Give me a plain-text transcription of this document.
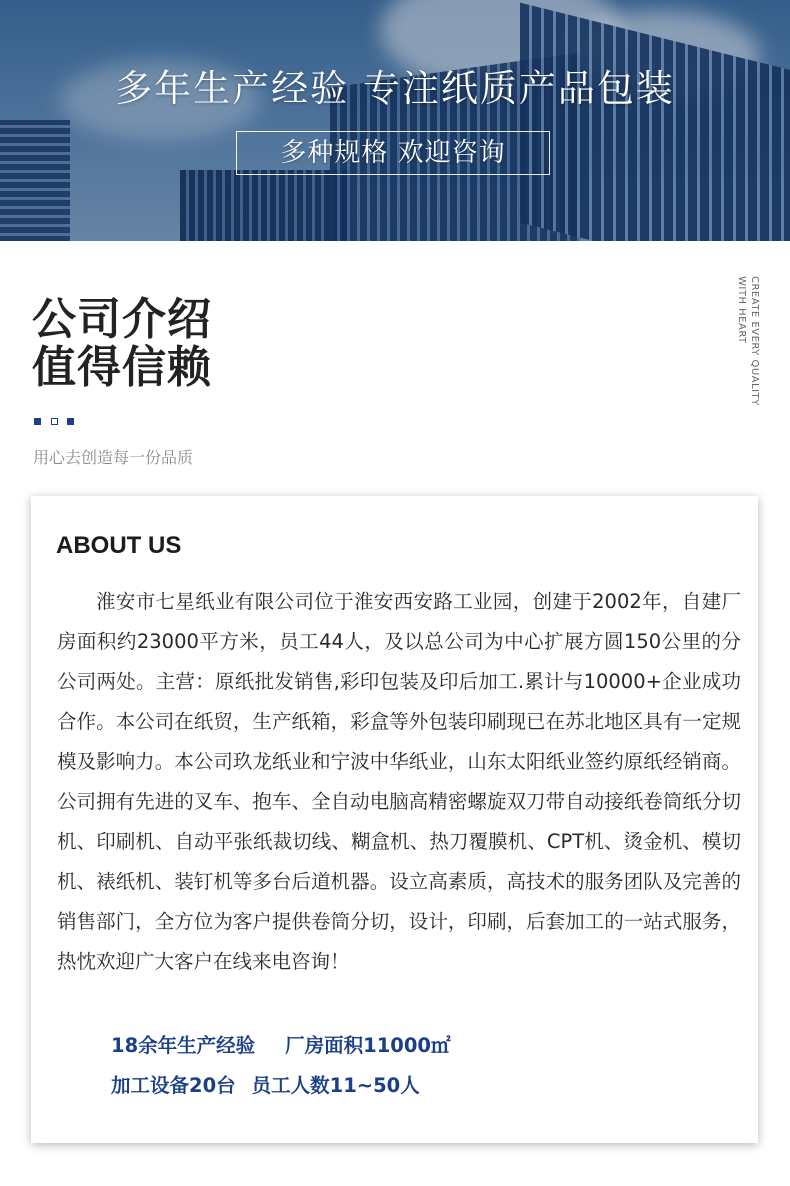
多年生产经验 专注纸质产品包装
多种规格 欢迎咨询
公司介绍
值得信赖
用心去创造每一份品质
CREATE EVERY QUALITY
WITH HEART
ABOUT US
淮安市七星纸业有限公司位于淮安西安路工业园，创建于2002年，自建厂房面积约23000平方米，员工44人，及以总公司为中心扩展方圆150公里的分公司两处。主营：原纸批发销售,彩印包装及印后加工.累计与10000+企业成功合作。本公司在纸贸，生产纸箱，彩盒等外包装印刷现已在苏北地区具有一定规模及影响力。本公司玖龙纸业和宁波中华纸业，山东太阳纸业签约原纸经销商。公司拥有先进的叉车、抱车、全自动电脑高精密螺旋双刀带自动接纸卷筒纸分切机、印刷机、自动平张纸裁切线、糊盒机、热刀覆膜机、CPT机、烫金机、模切机、裱纸机、装钉机等多台后道机器。设立高素质，高技术的服务团队及完善的销售部门，全方位为客户提供卷筒分切，设计，印刷，后套加工的一站式服务，热忱欢迎广大客户在线来电咨询！
18余年生产经验 厂房面积11000㎡
加工设备20台 员工人数11~50人
